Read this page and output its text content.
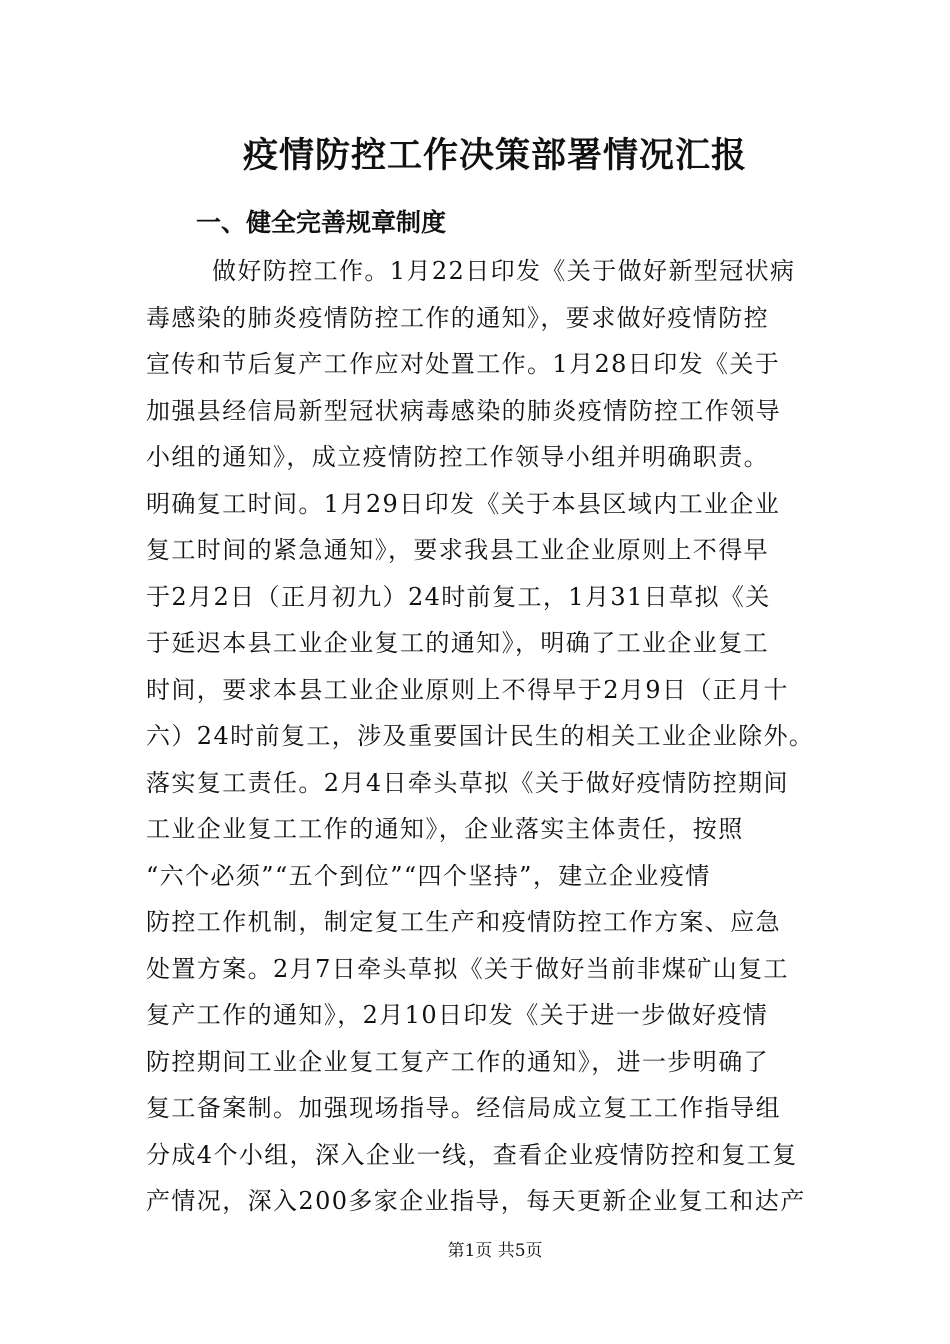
疫情防控工作决策部署情况汇报
一、健全完善规章制度
做好防控工作。1月22日印发《关于做好新型冠状病
毒感染的肺炎疫情防控工作的通知》，要求做好疫情防控
宣传和节后复产工作应对处置工作。1月28日印发《关于
加强县经信局新型冠状病毒感染的肺炎疫情防控工作领导
小组的通知》，成立疫情防控工作领导小组并明确职责。
明确复工时间。1月29日印发《关于本县区域内工业企业
复工时间的紧急通知》，要求我县工业企业原则上不得早
于2月2日（正月初九）24时前复工，1月31日草拟《关
于延迟本县工业企业复工的通知》，明确了工业企业复工
时间，要求本县工业企业原则上不得早于2月9日（正月十
六）24时前复工，涉及重要国计民生的相关工业企业除外。
落实复工责任。2月4日牵头草拟《关于做好疫情防控期间
工业企业复工工作的通知》，企业落实主体责任，按照
“六个必须”“五个到位”“四个坚持”，建立企业疫情
防控工作机制，制定复工生产和疫情防控工作方案、应急
处置方案。2月7日牵头草拟《关于做好当前非煤矿山复工
复产工作的通知》，2月10日印发《关于进一步做好疫情
防控期间工业企业复工复产工作的通知》，进一步明确了
复工备案制。加强现场指导。经信局成立复工工作指导组
分成4个小组，深入企业一线，查看企业疫情防控和复工复
产情况，深入200多家企业指导，每天更新企业复工和达产
第1页 共5页
